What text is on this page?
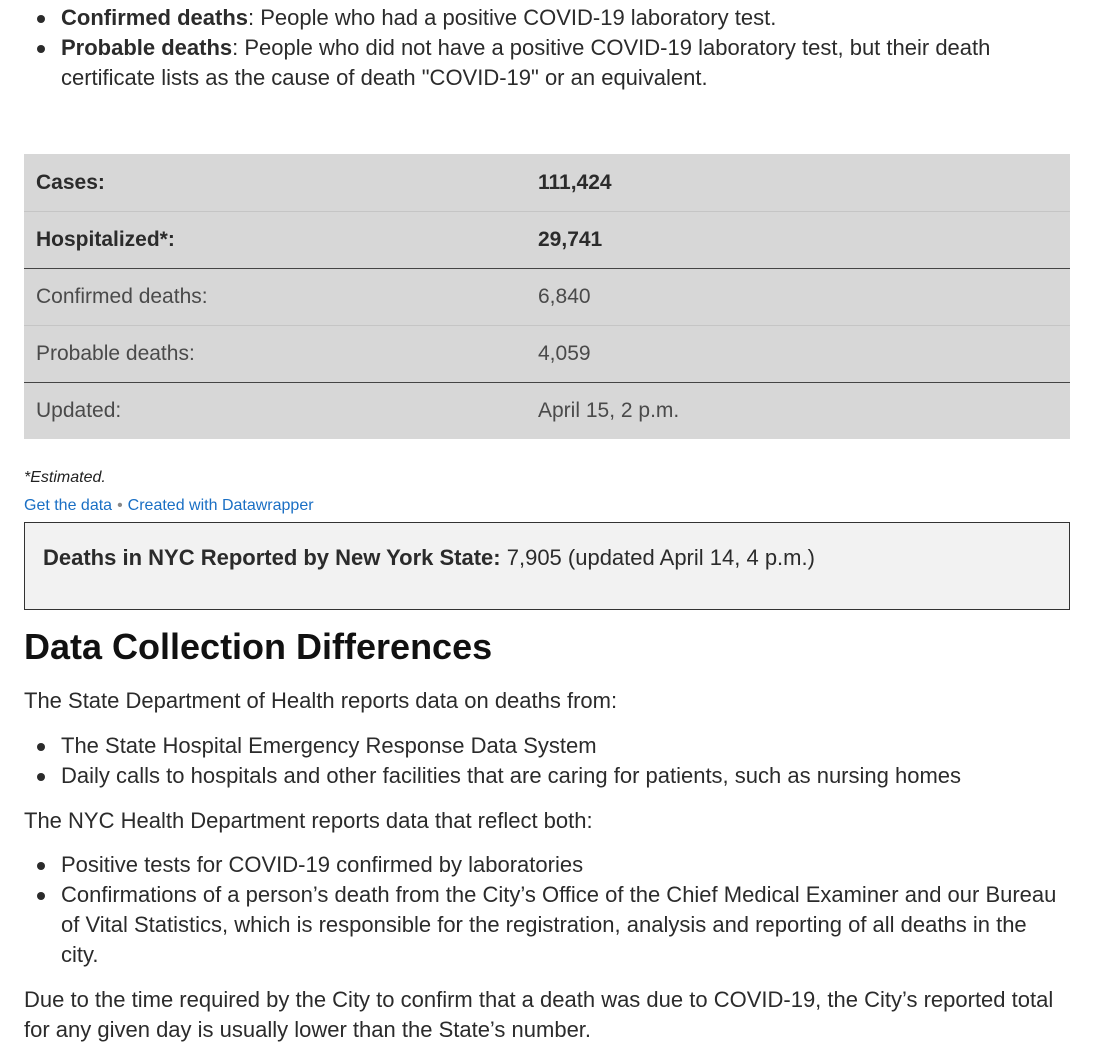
Confirmed deaths: People who had a positive COVID-19 laboratory test.
Probable deaths: People who did not have a positive COVID-19 laboratory test, but their death certificate lists as the cause of death "COVID-19" or an equivalent.
Cases:	111,424
Hospitalized*:	29,741
Confirmed deaths:	6,840
Probable deaths:	4,059
Updated:	April 15, 2 p.m.
*Estimated.
Get the data • Created with Datawrapper
Deaths in NYC Reported by New York State: 7,905 (updated April 14, 4 p.m.)
Data Collection Differences

The State Department of Health reports data on deaths from:

The State Hospital Emergency Response Data System
Daily calls to hospitals and other facilities that are caring for patients, such as nursing homes

The NYC Health Department reports data that reflect both:

Positive tests for COVID-19 confirmed by laboratories
Confirmations of a person’s death from the City’s Office of the Chief Medical Examiner and our Bureau of Vital Statistics, which is responsible for the registration, analysis and reporting of all deaths in the city.

Due to the time required by the City to confirm that a death was due to COVID-19, the City’s reported total for any given day is usually lower than the State’s number.
